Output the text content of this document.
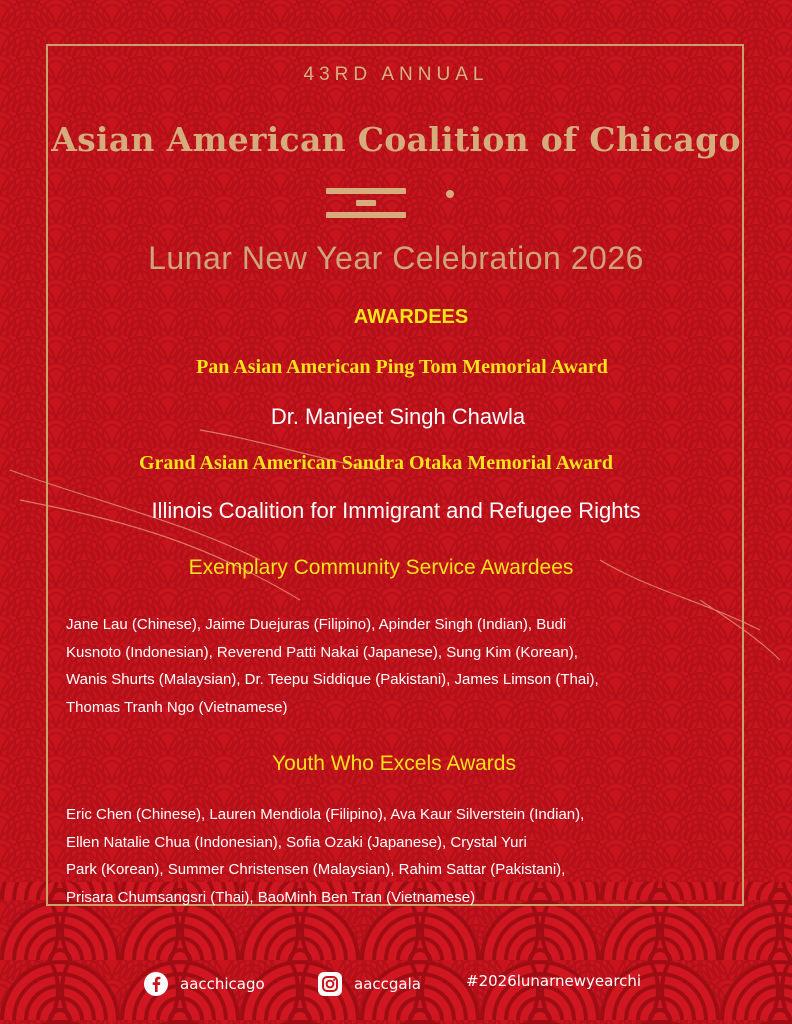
43RD ANNUAL
Asian American Coalition of Chicago
Lunar New Year Celebration 2026
AWARDEES
Pan Asian American Ping Tom Memorial Award
Dr. Manjeet Singh Chawla
Grand Asian American Sandra Otaka Memorial Award
Illinois Coalition for Immigrant and Refugee Rights
Exemplary Community Service Awardees
Jane Lau (Chinese), Jaime Duejuras (Filipino), Apinder Singh (Indian), Budi
Kusnoto (Indonesian), Reverend Patti Nakai (Japanese), Sung Kim (Korean),
Wanis Shurts (Malaysian), Dr. Teepu Siddique (Pakistani), James Limson (Thai),
Thomas Tranh Ngo (Vietnamese)
Youth Who Excels Awards
Eric Chen (Chinese), Lauren Mendiola (Filipino), Ava Kaur Silverstein (Indian),
Ellen Natalie Chua (Indonesian), Sofia Ozaki (Japanese), Crystal Yuri
Park (Korean), Summer Christensen (Malaysian), Rahim Sattar (Pakistani),
Prisara Chumsangsri (Thai), BaoMinh Ben Tran (Vietnamese)
aacchicago	aaccgala	#2026lunarnewyearchi
